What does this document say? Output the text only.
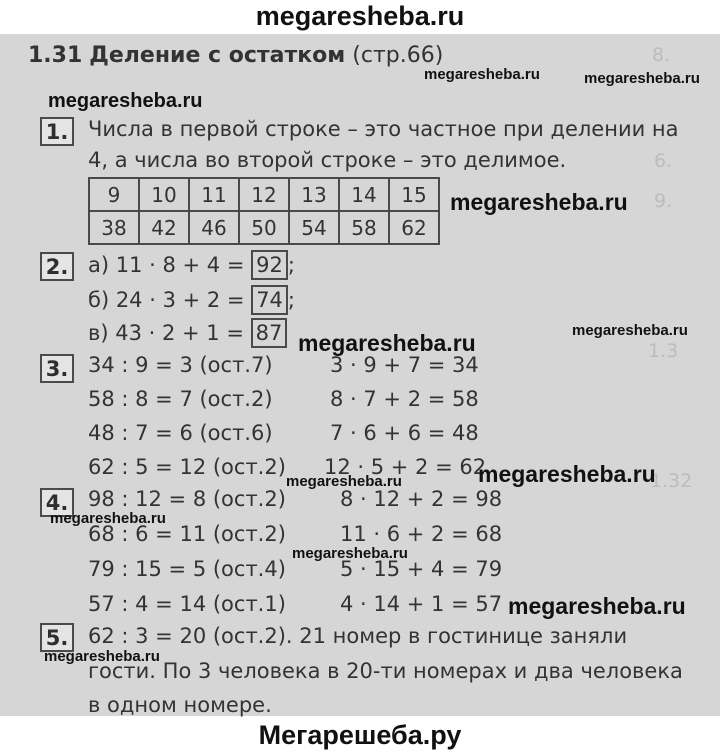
8.
6.
9.
1.3
1.32
megaresheba.ru
Мегарешеба.ру
1.31 Деление с остатком (стр.66)
1. Числа в первой строке – это частное при делении на
4, а числа во второй строке – это делимое.
9	10	11	12	13	14	15
38	42	46	50	54	58	62
2. а) 11 · 8 + 4 = 92 ;
б) 24 · 3 + 2 = 74 ;
в) 43 · 2 + 1 = 87
3. 34 : 9 = 3 (ост.7)	3 · 9 + 7 = 34
58 : 8 = 7 (ост.2)	8 · 7 + 2 = 58
48 : 7 = 6 (ост.6)	7 · 6 + 6 = 48
62 : 5 = 12 (ост.2) 12 · 5 + 2 = 62
4. 98 : 12 = 8 (ост.2)	8 · 12 + 2 = 98
68 : 6 = 11 (ост.2)	11 · 6 + 2 = 68
79 : 15 = 5 (ост.4)	5 · 15 + 4 = 79
57 : 4 = 14 (ост.1)	4 · 14 + 1 = 57
5. 62 : 3 = 20 (ост.2). 21 номер в гостинице заняли
гости. По 3 человека в 20-ти номерах и два человека
в одном номере.
megaresheba.ru	megaresheba.ru
megaresheba.ru
megaresheba.ru
megaresheba.ru
megaresheba.ru
megaresheba.ru
megaresheba.ru
megaresheba.ru
megaresheba.ru
megaresheba.ru
megaresheba.ru
